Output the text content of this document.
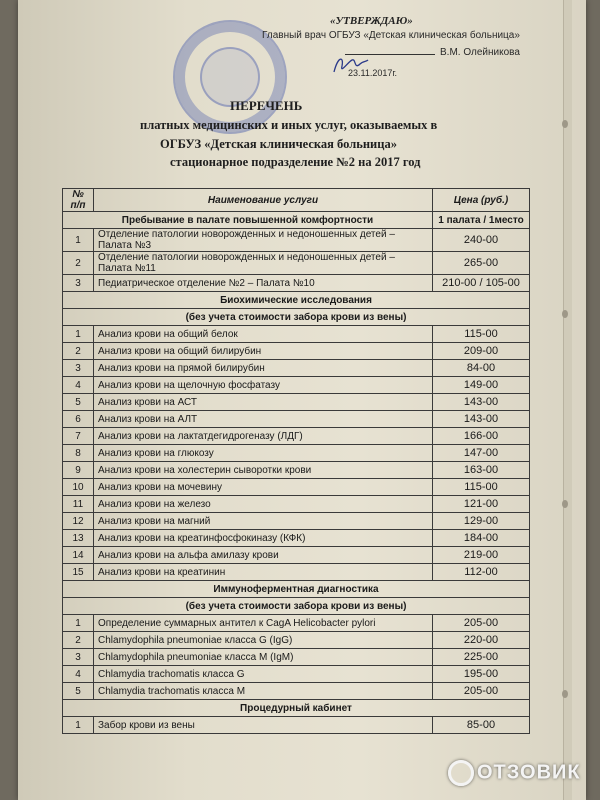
«УТВЕРЖДАЮ»
Главный врач ОГБУЗ «Детская клиническая больница»
В.М. Олейникова
23.11.2017г.
ПЕРЕЧЕНЬ
платных медицинских и иных услуг, оказываемых в
ОГБУЗ «Детская клиническая больница»
стационарное подразделение №2 на 2017 год
№ п/п	Наименование услуги	Цена (руб.)
Пребывание в палате повышенной комфортности		1 палата / 1место
1	Отделение патологии новорожденных и недоношенных детей – Палата №3	240-00
2	Отделение патологии новорожденных и недоношенных детей – Палата №11	265-00
3	Педиатрическое отделение №2 – Палата №10	210-00 / 105-00
Биохимические исследования		
(без учета стоимости забора крови из вены)		
1	Анализ крови на общий белок	115-00
2	Анализ крови на общий билирубин	209-00
3	Анализ крови на прямой билирубин	84-00
4	Анализ крови на щелочную фосфатазу	149-00
5	Анализ крови на АСТ	143-00
6	Анализ крови на АЛТ	143-00
7	Анализ крови на лактатдегидрогеназу (ЛДГ)	166-00
8	Анализ крови на глюкозу	147-00
9	Анализ крови на холестерин сыворотки крови	163-00
10	Анализ крови на мочевину	115-00
11	Анализ крови на железо	121-00
12	Анализ крови на магний	129-00
13	Анализ крови на креатинфосфокиназу (КФК)	184-00
14	Анализ крови на альфа амилазу крови	219-00
15	Анализ крови на креатинин	112-00
Иммуноферментная диагностика		
(без учета стоимости забора крови из вены)		
1	Определение суммарных антител к CagA Helicobacter pylori	205-00
2	Chlamydophila pneumoniae класса G (IgG)	220-00
3	Chlamydophila pneumoniae класса M (IgM)	225-00
4	Chlamydia trachomatis класса G	195-00
5	Chlamydia trachomatis класса M	205-00
Процедурный кабинет		
1	Забор крови из вены	85-00
ОТЗОВИК
